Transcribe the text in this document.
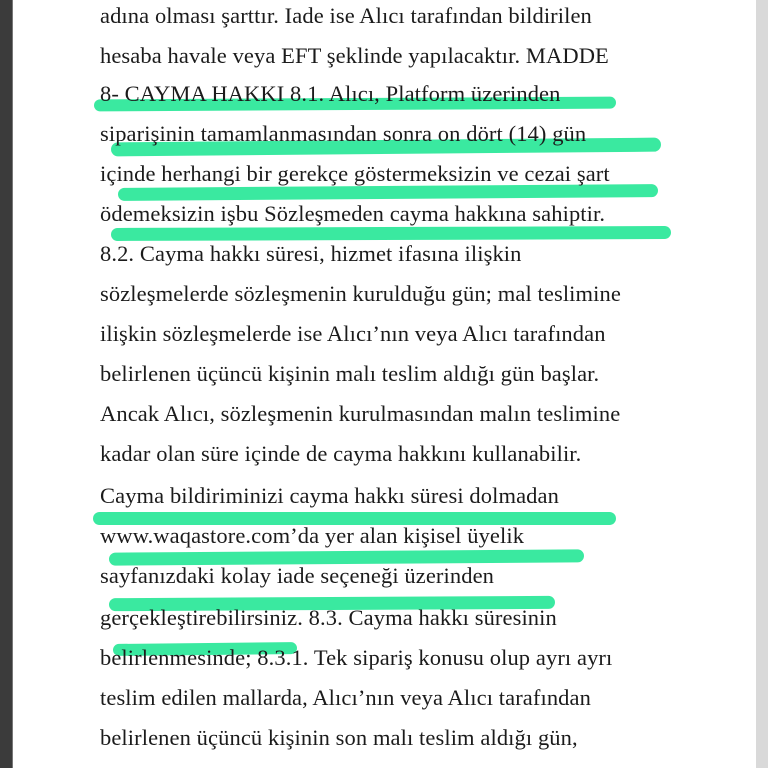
adına olması şarttır. Iade ise Alıcı tarafından bildirilen
hesaba havale veya EFT şeklinde yapılacaktır. MADDE
8- CAYMA HAKKI 8.1. Alıcı, Platform üzerinden
siparişinin tamamlanmasından sonra on dört (14) gün
içinde herhangi bir gerekçe göstermeksizin ve cezai şart
ödemeksizin işbu Sözleşmeden cayma hakkına sahiptir.
8.2. Cayma hakkı süresi, hizmet ifasına ilişkin
sözleşmelerde sözleşmenin kurulduğu gün; mal teslimine
ilişkin sözleşmelerde ise Alıcı’nın veya Alıcı tarafından
belirlenen üçüncü kişinin malı teslim aldığı gün başlar.
Ancak Alıcı, sözleşmenin kurulmasından malın teslimine
kadar olan süre içinde de cayma hakkını kullanabilir.
Cayma bildiriminizi cayma hakkı süresi dolmadan
www.waqastore.com’da yer alan kişisel üyelik
sayfanızdaki kolay iade seçeneği üzerinden
gerçekleştirebilirsiniz. 8.3. Cayma hakkı süresinin
belirlenmesinde; 8.3.1. Tek sipariş konusu olup ayrı ayrı
teslim edilen mallarda, Alıcı’nın veya Alıcı tarafından
belirlenen üçüncü kişinin son malı teslim aldığı gün,
